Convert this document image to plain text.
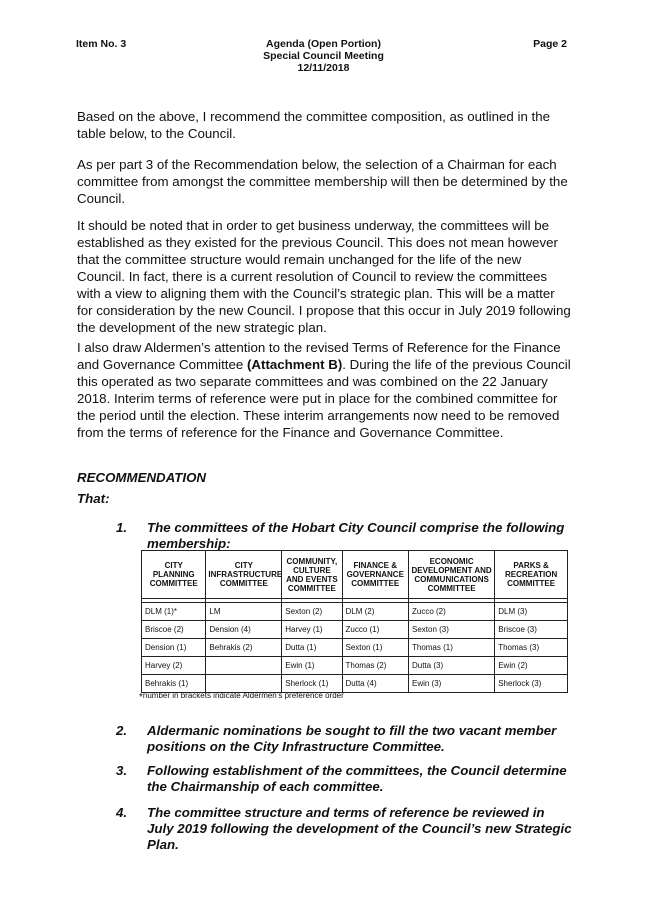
Item No. 3	Agenda (Open Portion)
Special Council Meeting
12/11/2018
Page 2
Based on the above, I recommend the committee composition, as outlined in the table below, to the Council.
As per part 3 of the Recommendation below, the selection of a Chairman for each committee from amongst the committee membership will then be determined by the Council.
It should be noted that in order to get business underway, the committees will be established as they existed for the previous Council. This does not mean however that the committee structure would remain unchanged for the life of the new Council. In fact, there is a current resolution of Council to review the committees with a view to aligning them with the Council’s strategic plan. This will be a matter for consideration by the new Council. I propose that this occur in July 2019 following the development of the new strategic plan.
I also draw Aldermen’s attention to the revised Terms of Reference for the Finance and Governance Committee (Attachment B). During the life of the previous Council this operated as two separate committees and was combined on the 22 January 2018. Interim terms of reference were put in place for the combined committee for the period until the election. These interim arrangements now need to be removed from the terms of reference for the Finance and Governance Committee.
RECOMMENDATION
That:
1. The committees of the Hobart City Council comprise the following membership:
CITY PLANNING COMMITTEE	CITY INFRASTRUCTURE COMMITTEE	COMMUNITY, CULTURE AND EVENTS COMMITTEE	FINANCE & GOVERNANCE COMMITTEE	ECONOMIC DEVELOPMENT AND COMMUNICATIONS COMMITTEE	PARKS & RECREATION COMMITTEE

DLM (1)*	LM	Sexton (2)	DLM (2)	Zucco (2)	DLM (3)
Briscoe (2)	Dension (4)	Harvey (1)	Zucco (1)	Sexton (3)	Briscoe (3)
Dension (1)	Behrakis (2)	Dutta (1)	Sexton (1)	Thomas (1)	Thomas (3)
Harvey (2)		Ewin (1)	Thomas (2)	Dutta (3)	Ewin (2)
Behrakis (1)		Sherlock (1)	Dutta (4)	Ewin (3)	Sherlock (3)
*number in brackets indicate Aldermen’s preference order
2. Aldermanic nominations be sought to fill the two vacant member positions on the City Infrastructure Committee.
3. Following establishment of the committees, the Council determine the Chairmanship of each committee.
4. The committee structure and terms of reference be reviewed in July 2019 following the development of the Council’s new Strategic Plan.
